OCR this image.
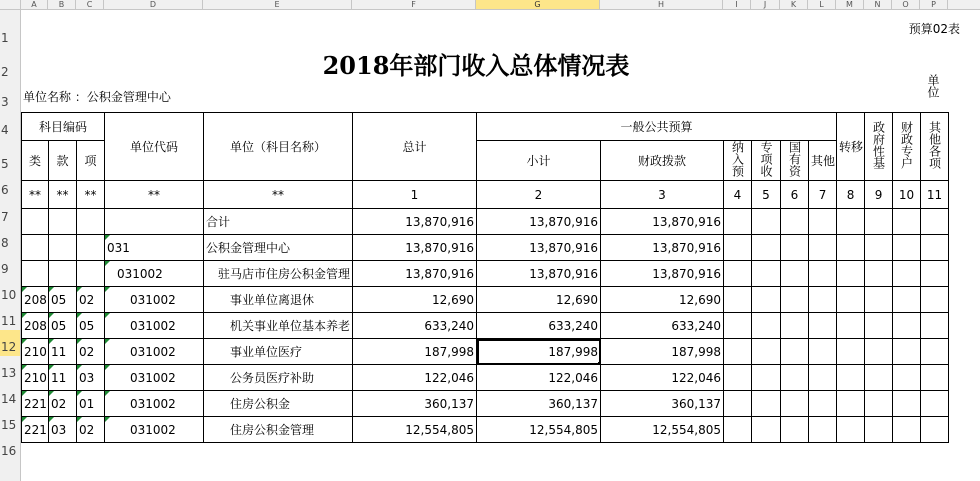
A	B	C	D	E	F	G	H	I	J	K	L	M	N	O	P
1
2
3
4
5
6
7
8
9
10
11
12
13
14
15
16
预算02表
2018年部门收入总体情况表
单位名称 ：公积金管理中心	单位
科目编码			单位代码	单位（科目名称）	总计	一般公共预算						转移	政府性基	财政专户	其他各项
类	款	项				小计	财政拨款	纳入预	专项收	国有资	其他				
**	**	**	**	**	1	2	3	4	5	6	7	8	9	10	11
				合计	13,870,916	13,870,916	13,870,916								
			031	公积金管理中心	13,870,916	13,870,916	13,870,916								
			031002	驻马店市住房公积金管理	13,870,916	13,870,916	13,870,916								
208	05	02	031002	事业单位离退休	12,690	12,690	12,690								
208	05	05	031002	机关事业单位基本养老	633,240	633,240	633,240								
210	11	02	031002	事业单位医疗	187,998	187,998	187,998								
210	11	03	031002	公务员医疗补助	122,046	122,046	122,046								
221	02	01	031002	住房公积金	360,137	360,137	360,137								
221	03	02	031002	住房公积金管理	12,554,805	12,554,805	12,554,805								
